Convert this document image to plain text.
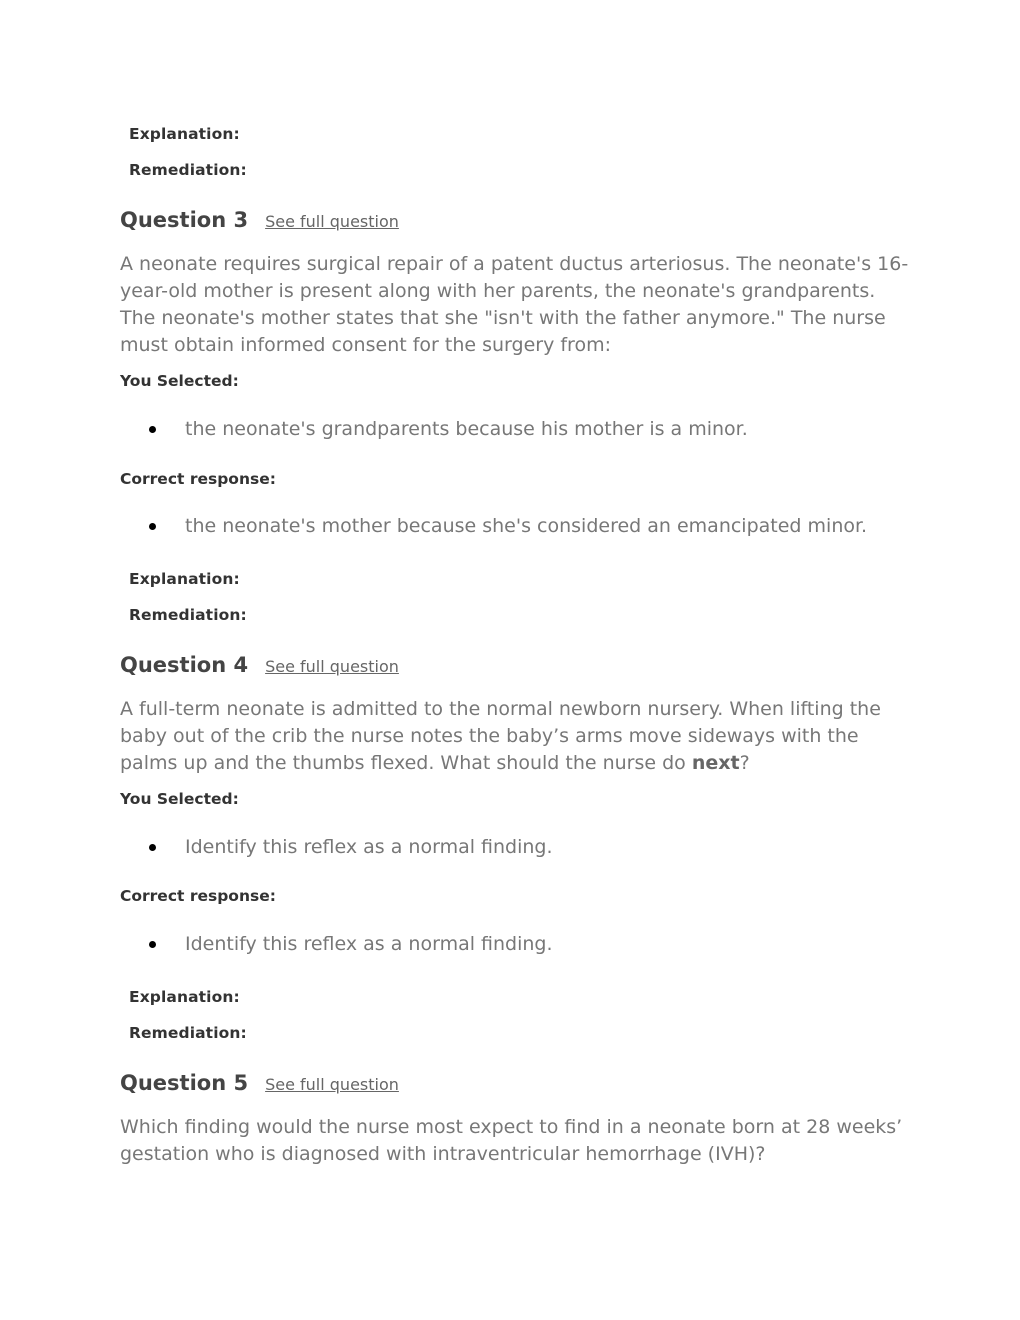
Explanation:
Remediation:
Question 3 See full question
A neonate requires surgical repair of a patent ductus arteriosus. The neonate's 16-year-old mother is present along with her parents, the neonate's grandparents. The neonate's mother states that she "isn't with the father anymore." The nurse must obtain informed consent for the surgery from:
You Selected:
the neonate's grandparents because his mother is a minor.
Correct response:
the neonate's mother because she's considered an emancipated minor.
Explanation:
Remediation:
Question 4 See full question
A full-term neonate is admitted to the normal newborn nursery. When lifting the baby out of the crib the nurse notes the baby’s arms move sideways with the palms up and the thumbs flexed. What should the nurse do next?
You Selected:
Identify this reflex as a normal finding.
Correct response:
Identify this reflex as a normal finding.
Explanation:
Remediation:
Question 5 See full question
Which finding would the nurse most expect to find in a neonate born at 28 weeks’ gestation who is diagnosed with intraventricular hemorrhage (IVH)?
